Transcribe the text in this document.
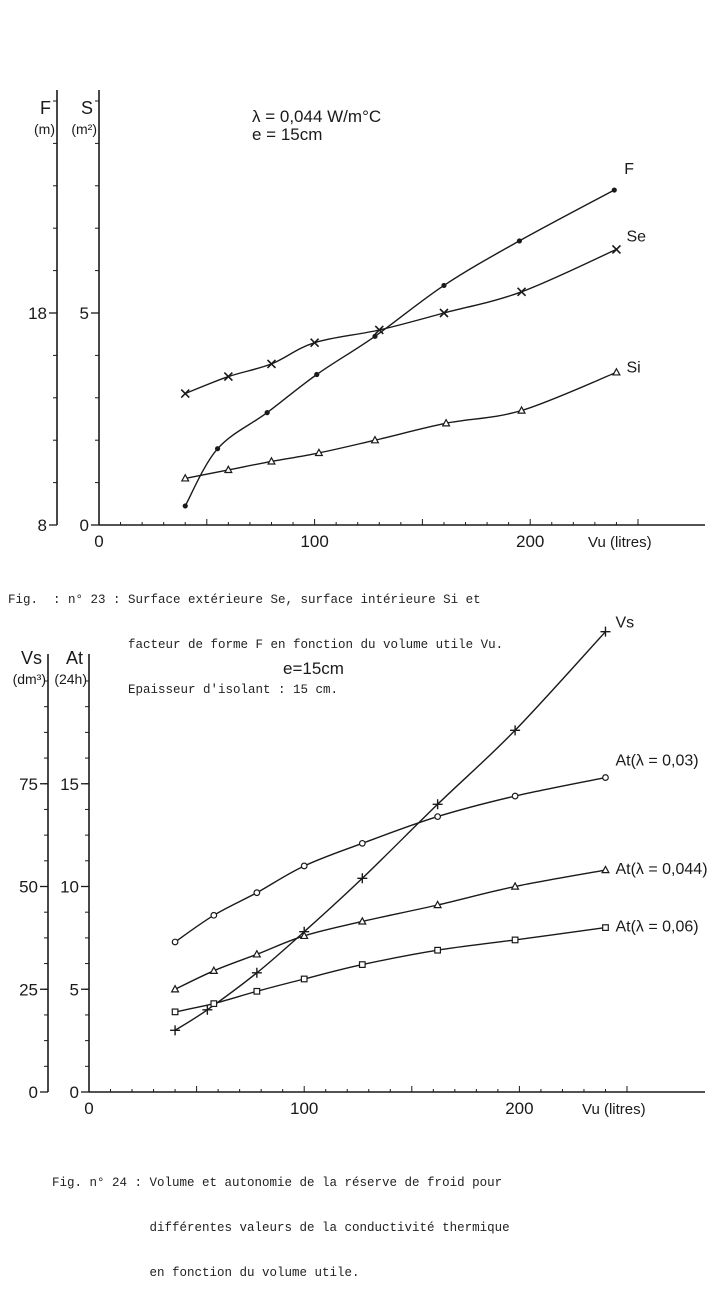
0	100	200	Vu (litres)
8
18
F
(m)
0
5
S
(m²)
λ = 0,044 W/m°C
e = 15cm
F
Se
Si
0	100	200	Vu (litres)
0
25
50
75
Vs
(dm³)
0
5
10
15
At
(24h)
e=15cm
Vs
At(λ = 0,03)
At(λ = 0,044)
At(λ = 0,06)

Fig.  : n° 23 : Surface extérieure Se, surface intérieure Si et

facteur de forme F en fonction du volume utile Vu.

Epaisseur d'isolant : 15 cm.

Fig. n° 24 : Volume et autonomie de la réserve de froid pour

différentes valeurs de la conductivité thermique

en fonction du volume utile.
